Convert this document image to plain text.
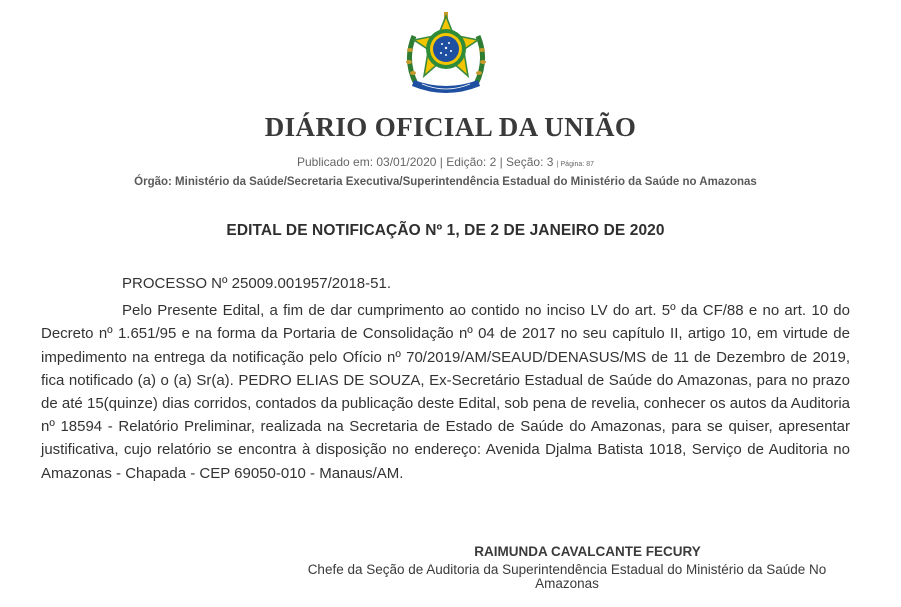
DIÁRIO OFICIAL DA UNIÃO
Publicado em: 03/01/2020 | Edição: 2 | Seção: 3 | Página: 87
Órgão: Ministério da Saúde/Secretaria Executiva/Superintendência Estadual do Ministério da Saúde no Amazonas
EDITAL DE NOTIFICAÇÃO Nº 1, DE 2 DE JANEIRO DE 2020

PROCESSO Nº 25009.001957/2018-51.

Pelo Presente Edital, a fim de dar cumprimento ao contido no inciso LV do art. 5º da CF/88 e no art. 10 do Decreto nº 1.651/95 e na forma da Portaria de Consolidação nº 04 de 2017 no seu capítulo II, artigo 10, em virtude de impedimento na entrega da notificação pelo Ofício nº 70/2019/AM/SEAUD/DENASUS/MS de 11 de Dezembro de 2019, fica notificado (a) o (a) Sr(a). PEDRO ELIAS DE SOUZA, Ex-Secretário Estadual de Saúde do Amazonas, para no prazo de até 15(quinze) dias corridos, contados da publicação deste Edital, sob pena de revelia, conhecer os autos da Auditoria nº 18594 - Relatório Preliminar, realizada na Secretaria de Estado de Saúde do Amazonas, para se quiser, apresentar justificativa, cujo relatório se encontra à disposição no endereço: Avenida Djalma Batista 1018, Serviço de Auditoria no Amazonas - Chapada - CEP 69050-010 - Manaus/AM.

RAIMUNDA CAVALCANTE FECURY
Chefe da Seção de Auditoria da Superintendência Estadual do Ministério da Saúde No Amazonas
